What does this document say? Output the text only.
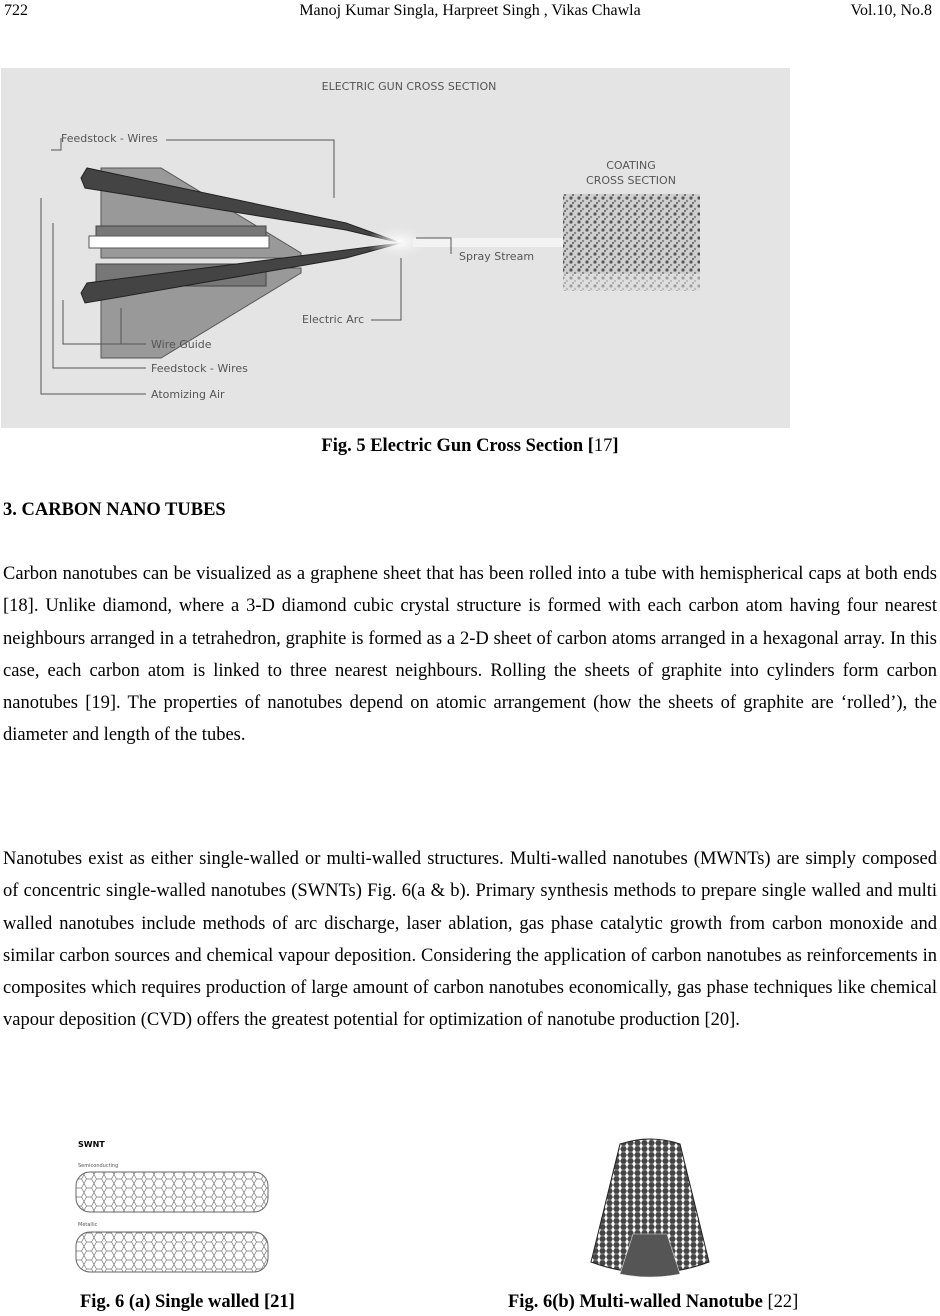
722	Manoj Kumar Singla, Harpreet Singh , Vikas Chawla	Vol.10, No.8
ELECTRIC GUN CROSS SECTION
COATING
CROSS SECTION
Feedstock - Wires
Spray Stream
Electric Arc
Wire Guide
Feedstock - Wires
Atomizing Air
Fig. 5 Electric Gun Cross Section [17]
3. CARBON NANO TUBES
Carbon nanotubes can be visualized as a graphene sheet that has been rolled into a tube with hemispherical caps at both ends [18]. Unlike diamond, where a 3-D diamond cubic crystal structure is formed with each carbon atom having four nearest neighbours arranged in a tetrahedron, graphite is formed as a 2-D sheet of carbon atoms arranged in a hexagonal array. In this case, each carbon atom is linked to three nearest neighbours. Rolling the sheets of graphite into cylinders form carbon nanotubes [19]. The properties of nanotubes depend on atomic arrangement (how the sheets of graphite are ‘rolled’), the diameter and length of the tubes.
Nanotubes exist as either single-walled or multi-walled structures. Multi-walled nanotubes (MWNTs) are simply composed of concentric single-walled nanotubes (SWNTs) Fig. 6(a & b). Primary synthesis methods to prepare single walled and multi walled nanotubes include methods of arc discharge, laser ablation, gas phase catalytic growth from carbon monoxide and similar carbon sources and chemical vapour deposition. Considering the application of carbon nanotubes as reinforcements in composites which requires production of large amount of carbon nanotubes economically, gas phase techniques like chemical vapour deposition (CVD) offers the greatest potential for optimization of nanotube production [20].
SWNT
Semiconducting
Metallic
Fig. 6 (a) Single walled [21]	Fig. 6(b) Multi-walled Nanotube [22]
